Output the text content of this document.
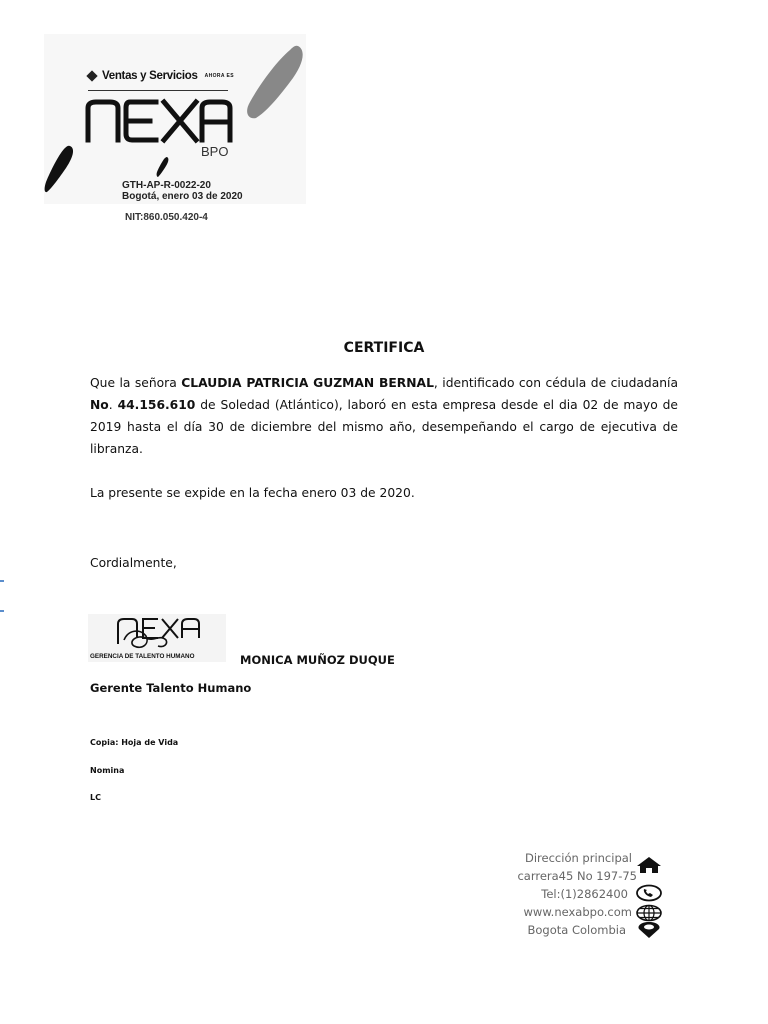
Ventas y Servicios AHORA ES
NEXA
BPO
GTH-AP-R-0022-20
Bogotá, enero 03 de 2020
NIT:860.050.420-4
CERTIFICA
Que la señora CLAUDIA PATRICIA GUZMAN BERNAL, identificado con cédula de ciudadanía No. 44.156.610 de Soledad (Atlántico), laboró en esta empresa desde el dia 02 de mayo de 2019 hasta el día 30 de diciembre del mismo año, desempeñando el cargo de ejecutiva de libranza.
La presente se expide en la fecha enero 03 de 2020.
Cordialmente,
GERENCIA DE TALENTO HUMANO	MONICA MUÑOZ DUQUE
Gerente Talento Humano
Copia: Hoja de Vida
Nomina
LC
Dirección principal
carrera45 No 197-75
Tel:(1)2862400
www.nexabpo.com
Bogota Colombia
